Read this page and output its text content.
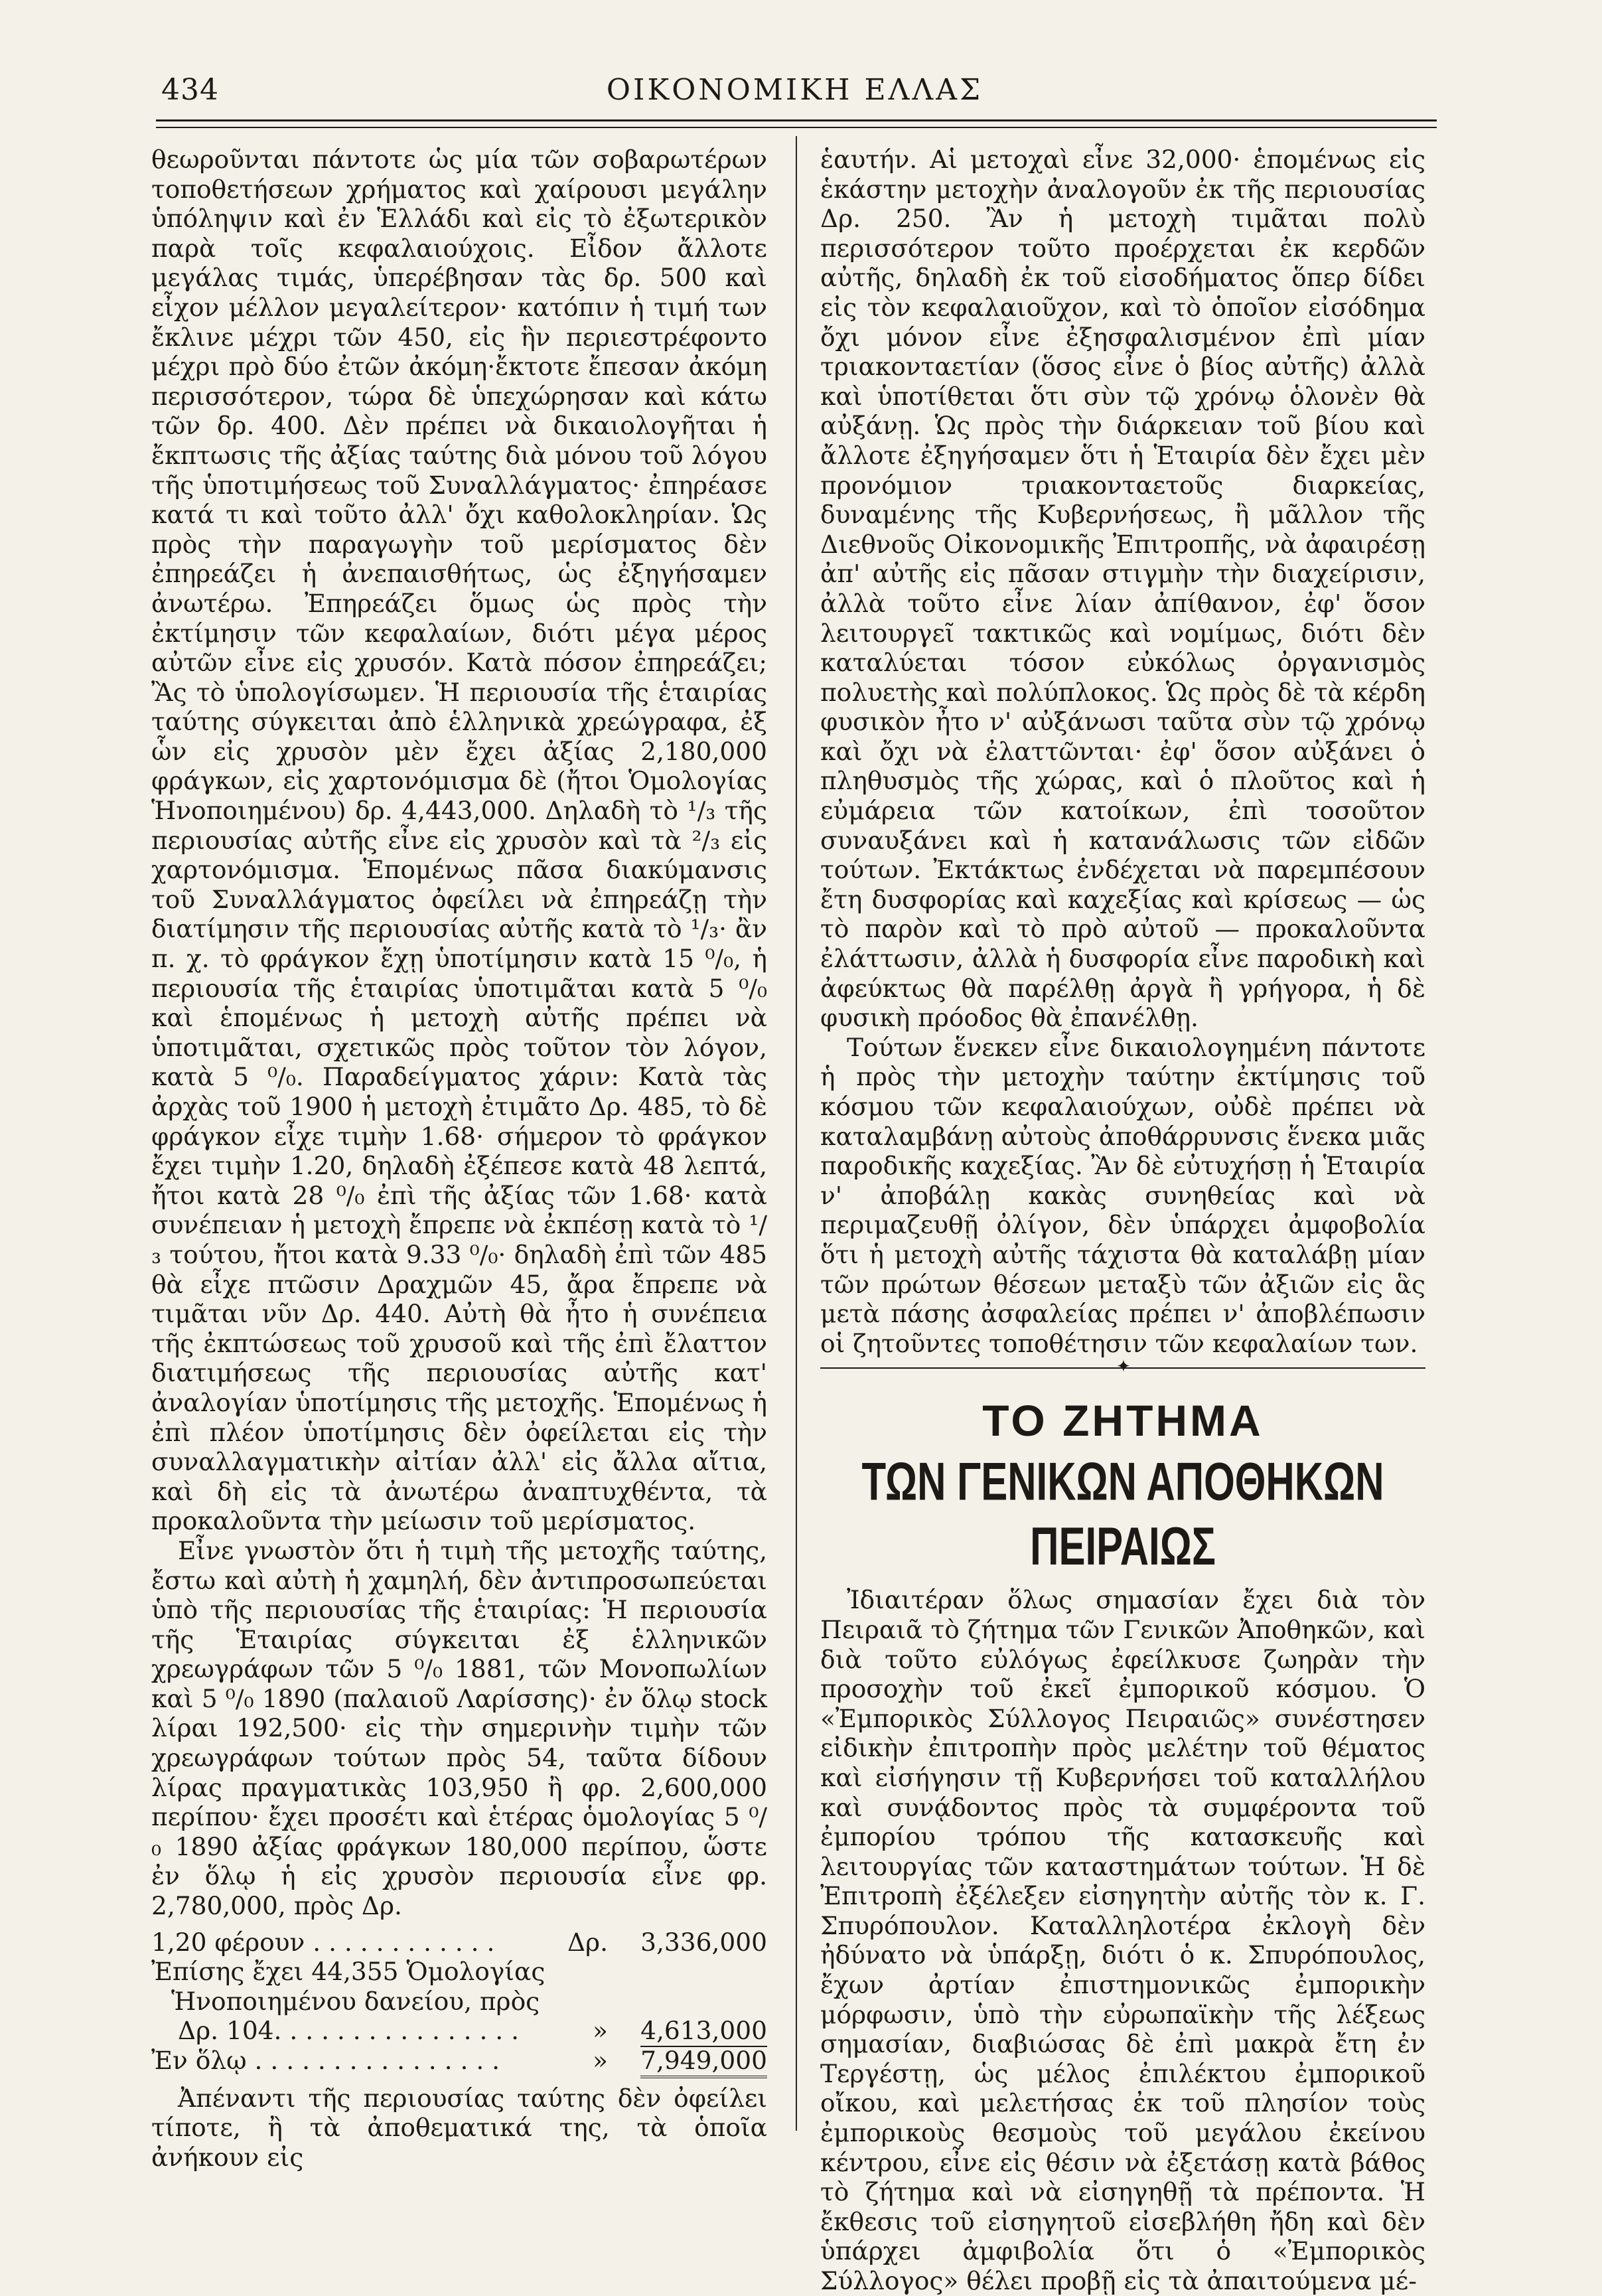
434	ΟΙΚΟΝΟΜΙΚΗ ΕΛΛΑΣ

θεωροῦνται πάντοτε ὡς μία τῶν σοβαρωτέρων τοποθετήσεων χρήματος καὶ χαίρουσι μεγάλην ὑπόληψιν καὶ ἐν Ἑλλάδι καὶ εἰς τὸ ἐξωτερικὸν παρὰ τοῖς κεφαλαιούχοις. Εἶδον ἄλλοτε μεγάλας τιμάς, ὑπερέβησαν τὰς δρ. 500 καὶ εἶχον μέλλον μεγαλείτερον· κατόπιν ἡ τιμή των ἔκλινε μέχρι τῶν 450, εἰς ἣν περιεστρέφοντο μέχρι πρὸ δύο ἐτῶν ἀκόμη·ἔκτοτε ἔπεσαν ἀκόμη περισσότερον, τώρα δὲ ὑπεχώρησαν καὶ κάτω τῶν δρ. 400. Δὲν πρέπει νὰ δικαιολογῆται ἡ ἔκπτωσις τῆς ἀξίας ταύτης διὰ μόνου τοῦ λόγου τῆς ὑποτιμήσεως τοῦ Συναλλάγματος· ἐπηρέασε κατά τι καὶ τοῦτο ἀλλ' ὄχι καθολοκληρίαν. Ὡς πρὸς τὴν παραγωγὴν τοῦ μερίσματος δὲν ἐπηρεάζει ἡ ἀνεπαισθήτως, ὡς ἐξηγήσαμεν ἀνωτέρω. Ἐπηρεάζει ὅμως ὡς πρὸς τὴν ἐκτίμησιν τῶν κεφαλαίων, διότι μέγα μέρος αὐτῶν εἶνε εἰς χρυσόν. Κατὰ πόσον ἐπηρεάζει; Ἂς τὸ ὑπολογίσωμεν. Ἡ περιουσία τῆς ἑταιρίας ταύτης σύγκειται ἀπὸ ἑλληνικὰ χρεώγραφα, ἐξ ὧν εἰς χρυσὸν μὲν ἔχει ἀξίας 2,180,000 φράγκων, εἰς χαρτονόμισμα δὲ (ἤτοι Ὁμολογίας Ἡνοποιημένου) δρ. 4,443,000. Δηλαδὴ τὸ ¹/₃ τῆς περιουσίας αὐτῆς εἶνε εἰς χρυσὸν καὶ τὰ ²/₃ εἰς χαρτονόμισμα. Ἑπομένως πᾶσα διακύμανσις τοῦ Συναλλάγματος ὀφείλει νὰ ἐπηρεάζῃ τὴν διατίμησιν τῆς περιουσίας αὐτῆς κατὰ τὸ ¹/₃· ἂν π. χ. τὸ φράγκον ἔχῃ ὑποτίμησιν κατὰ 15 ⁰/₀, ἡ περιουσία τῆς ἑταιρίας ὑποτιμᾶται κατὰ 5 ⁰/₀ καὶ ἑπομένως ἡ μετοχὴ αὐτῆς πρέπει νὰ ὑποτιμᾶται, σχετικῶς πρὸς τοῦτον τὸν λόγον, κατὰ 5 ⁰/₀. Παραδείγματος χάριν: Κατὰ τὰς ἀρχὰς τοῦ 1900 ἡ μετοχὴ ἐτιμᾶτο Δρ. 485, τὸ δὲ φράγκον εἶχε τιμὴν 1.68· σήμερον τὸ φράγκον ἔχει τιμὴν 1.20, δηλαδὴ ἐξέπεσε κατὰ 48 λεπτά, ἤτοι κατὰ 28 ⁰/₀ ἐπὶ τῆς ἀξίας τῶν 1.68· κατὰ συνέπειαν ἡ μετοχὴ ἔπρεπε νὰ ἐκπέσῃ κατὰ τὸ ¹/₃ τούτου, ἤτοι κατὰ 9.33 ⁰/₀· δηλαδὴ ἐπὶ τῶν 485 θὰ εἶχε πτῶσιν Δραχμῶν 45, ἄρα ἔπρεπε νὰ τιμᾶται νῦν Δρ. 440. Αὐτὴ θὰ ἦτο ἡ συνέπεια τῆς ἐκπτώσεως τοῦ χρυσοῦ καὶ τῆς ἐπὶ ἔλαττον διατιμήσεως τῆς περιουσίας αὐτῆς κατ' ἀναλογίαν ὑποτίμησις τῆς μετοχῆς. Ἑπομένως ἡ ἐπὶ πλέον ὑποτίμησις δὲν ὀφείλεται εἰς τὴν συναλλαγματικὴν αἰτίαν ἀλλ' εἰς ἄλλα αἴτια, καὶ δὴ εἰς τὰ ἀνωτέρω ἀναπτυχθέντα, τὰ προκαλοῦντα τὴν μείωσιν τοῦ μερίσματος.

Εἶνε γνωστὸν ὅτι ἡ τιμὴ τῆς μετοχῆς ταύτης, ἔστω καὶ αὐτὴ ἡ χαμηλή, δὲν ἀντιπροσωπεύεται ὑπὸ τῆς περιουσίας τῆς ἑταιρίας: Ἡ περιουσία τῆς Ἑταιρίας σύγκειται ἐξ ἑλληνικῶν χρεωγράφων τῶν 5 ⁰/₀ 1881, τῶν Μονοπωλίων καὶ 5 ⁰/₀ 1890 (παλαιοῦ Λαρίσσης)· ἐν ὅλῳ stock λίραι 192,500· εἰς τὴν σημερινὴν τιμὴν τῶν χρεωγράφων τούτων πρὸς 54, ταῦτα δίδουν λίρας πραγματικὰς 103,950 ἢ φρ. 2,600,000 περίπου· ἔχει προσέτι καὶ ἑτέρας ὁμολογίας 5 ⁰/₀ 1890 ἀξίας φράγκων 180,000 περίπου, ὥστε ἐν ὅλῳ ἡ εἰς χρυσὸν περιουσία εἶνε φρ. 2,780,000, πρὸς Δρ.

1,20 φέρουν . . . . . . . . . . . .	Δρ. 3,336,000
Ἐπίσης ἔχει 44,355 Ὁμολογίας
Ἡνοποιημένου δανείου, πρὸς
Δρ. 104. . . . . . . . . . . . . . . .	» 4,613,000
Ἐν ὅλῳ . . . . . . . . . . . . . . . .	» 7,949,000

Ἀπέναντι τῆς περιουσίας ταύτης δὲν ὀφείλει τίποτε, ἢ τὰ ἀποθεματικά της, τὰ ὁποῖα ἀνήκουν εἰς

ἑαυτήν. Αἱ μετοχαὶ εἶνε 32,000· ἑπομένως εἰς ἑκάστην μετοχὴν ἀναλογοῦν ἐκ τῆς περιουσίας Δρ. 250. Ἂν ἡ μετοχὴ τιμᾶται πολὺ περισσότερον τοῦτο προέρχεται ἐκ κερδῶν αὐτῆς, δηλαδὴ ἐκ τοῦ εἰσοδήματος ὅπερ δίδει εἰς τὸν κεφαλαιοῦχον, καὶ τὸ ὁποῖον εἰσόδημα ὄχι μόνον εἶνε ἐξησφαλισμένον ἐπὶ μίαν τριακονταετίαν (ὅσος εἶνε ὁ βίος αὐτῆς) ἀλλὰ καὶ ὑποτίθεται ὅτι σὺν τῷ χρόνῳ ὁλονὲν θὰ αὐξάνῃ. Ὡς πρὸς τὴν διάρκειαν τοῦ βίου καὶ ἄλλοτε ἐξηγήσαμεν ὅτι ἡ Ἑταιρία δὲν ἔχει μὲν προνόμιον τριακονταετοῦς διαρκείας, δυναμένης τῆς Κυβερνήσεως, ἢ μᾶλλον τῆς Διεθνοῦς Οἰκονομικῆς Ἐπιτροπῆς, νὰ ἀφαιρέσῃ ἀπ' αὐτῆς εἰς πᾶσαν στιγμὴν τὴν διαχείρισιν, ἀλλὰ τοῦτο εἶνε λίαν ἀπίθανον, ἐφ' ὅσον λειτουργεῖ τακτικῶς καὶ νομίμως, διότι δὲν καταλύεται τόσον εὐκόλως ὀργανισμὸς πολυετὴς καὶ πολύπλοκος. Ὡς πρὸς δὲ τὰ κέρδη φυσικὸν ἦτο ν' αὐξάνωσι ταῦτα σὺν τῷ χρόνῳ καὶ ὄχι νὰ ἐλαττῶνται· ἐφ' ὅσον αὐξάνει ὁ πληθυσμὸς τῆς χώρας, καὶ ὁ πλοῦτος καὶ ἡ εὐμάρεια τῶν κατοίκων, ἐπὶ τοσοῦτον συναυξάνει καὶ ἡ κατανάλωσις τῶν εἰδῶν τούτων. Ἐκτάκτως ἐνδέχεται νὰ παρεμπέσουν ἔτη δυσφορίας καὶ καχεξίας καὶ κρίσεως — ὡς τὸ παρὸν καὶ τὸ πρὸ αὐτοῦ — προκαλοῦντα ἐλάττωσιν, ἀλλὰ ἡ δυσφορία εἶνε παροδικὴ καὶ ἀφεύκτως θὰ παρέλθῃ ἀργὰ ἢ γρήγορα, ἡ δὲ φυσικὴ πρόοδος θὰ ἐπανέλθῃ.

Τούτων ἕνεκεν εἶνε δικαιολογημένη πάντοτε ἡ πρὸς τὴν μετοχὴν ταύτην ἐκτίμησις τοῦ κόσμου τῶν κεφαλαιούχων, οὐδὲ πρέπει νὰ καταλαμβάνῃ αὐτοὺς ἀποθάρρυνσις ἕνεκα μιᾶς παροδικῆς καχεξίας. Ἂν δὲ εὐτυχήσῃ ἡ Ἑταιρία ν' ἀποβάλῃ κακὰς συνηθείας καὶ νὰ περιμαζευθῇ ὀλίγον, δὲν ὑπάρχει ἀμφοβολία ὅτι ἡ μετοχὴ αὐτῆς τάχιστα θὰ καταλάβῃ μίαν τῶν πρώτων θέσεων μεταξὺ τῶν ἀξιῶν εἰς ἃς μετὰ πάσης ἀσφαλείας πρέπει ν' ἀποβλέπωσιν οἱ ζητοῦντες τοποθέτησιν τῶν κεφαλαίων των.

✦
ΤΟ ΖΗΤΗΜΑ
ΤΩΝ ΓΕΝΙΚΩΝ ΑΠΟΘΗΚΩΝ ΠΕΙΡΑΙΩΣ

Ἰδιαιτέραν ὅλως σημασίαν ἔχει διὰ τὸν Πειραιᾶ τὸ ζήτημα τῶν Γενικῶν Ἀποθηκῶν, καὶ διὰ τοῦτο εὐλόγως ἐφείλκυσε ζωηρὰν τὴν προσοχὴν τοῦ ἐκεῖ ἐμπορικοῦ κόσμου. Ὁ «Ἐμπορικὸς Σύλλογος Πειραιῶς» συνέστησεν εἰδικὴν ἐπιτροπὴν πρὸς μελέτην τοῦ θέματος καὶ εἰσήγησιν τῇ Κυβερνήσει τοῦ καταλλήλου καὶ συνᾴδοντος πρὸς τὰ συμφέροντα τοῦ ἐμπορίου τρόπου τῆς κατασκευῆς καὶ λειτουργίας τῶν καταστημάτων τούτων. Ἡ δὲ Ἐπιτροπὴ ἐξέλεξεν εἰσηγητὴν αὐτῆς τὸν κ. Γ. Σπυρόπουλον. Καταλληλοτέρα ἐκλογὴ δὲν ἠδύνατο νὰ ὑπάρξῃ, διότι ὁ κ. Σπυρόπουλος, ἔχων ἀρτίαν ἐπιστημονικῶς ἐμπορικὴν μόρφωσιν, ὑπὸ τὴν εὐρωπαϊκὴν τῆς λέξεως σημασίαν, διαβιώσας δὲ ἐπὶ μακρὰ ἔτη ἐν Τεργέστῃ, ὡς μέλος ἐπιλέκτου ἐμπορικοῦ οἴκου, καὶ μελετήσας ἐκ τοῦ πλησίον τοὺς ἐμπορικοὺς θεσμοὺς τοῦ μεγάλου ἐκείνου κέντρου, εἶνε εἰς θέσιν νὰ ἐξετάσῃ κατὰ βάθος τὸ ζήτημα καὶ νὰ εἰσηγηθῇ τὰ πρέποντα. Ἡ ἔκθεσις τοῦ εἰσηγητοῦ εἰσεβλήθη ἤδη καὶ δὲν ὑπάρχει ἀμφιβολία ὅτι ὁ «Ἐμπορικὸς Σύλλογος» θέλει προβῇ εἰς τὰ ἀπαιτούμενα μέ-
